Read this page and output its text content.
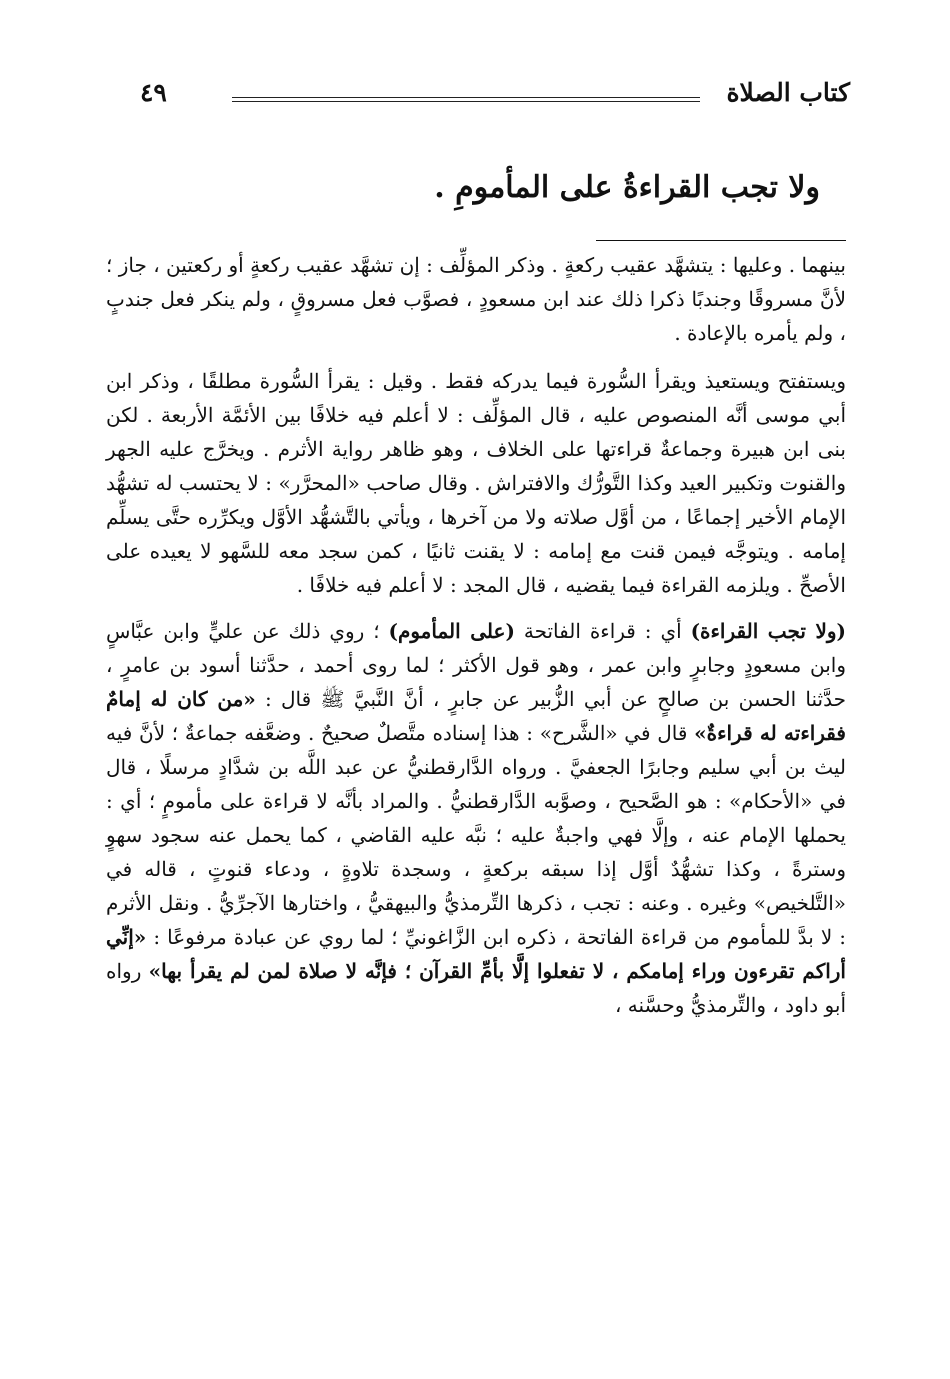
كتاب الصلاة
٤٩
ولا تجب القراءةُ على المأمومِ .

بينهما . وعليها : يتشهَّد عقيب ركعةٍ . وذكر المؤلِّف : إن تشهَّد عقيب ركعةٍ أو ركعتين ، جاز ؛ لأنَّ مسروقًا وجندبًا ذكرا ذلك عند ابن مسعودٍ ، فصوَّب فعل مسروقٍ ، ولم ينكر فعل جندبٍ ، ولم يأمره بالإعادة .

ويستفتح ويستعيذ ويقرأ السُّورة فيما يدركه فقط . وقيل : يقرأ السُّورة مطلقًا ، وذكر ابن أبي موسى أنَّه المنصوص عليه ، قال المؤلِّف : لا أعلم فيه خلافًا بين الأئمَّة الأربعة . لكن بنى ابن هبيرة وجماعةٌ قراءتها على الخلاف ، وهو ظاهر رواية الأثرم . ويخرَّج عليه الجهر والقنوت وتكبير العيد وكذا التَّورُّك والافتراش . وقال صاحب «المحرَّر» : لا يحتسب له تشهُّد الإمام الأخير إجماعًا ، من أوَّل صلاته ولا من آخرها ، ويأتي بالتَّشهُّد الأوَّل ويكرِّره حتَّى يسلِّم إمامه . ويتوجَّه فيمن قنت مع إمامه : لا يقنت ثانيًا ، كمن سجد معه للسَّهو لا يعيده على الأصحِّ . ويلزمه القراءة فيما يقضيه ، قال المجد : لا أعلم فيه خلافًا .

(ولا تجب القراءة) أي : قراءة الفاتحة (على المأموم) ؛ روي ذلك عن عليٍّ وابن عبَّاسٍ وابن مسعودٍ وجابرٍ وابن عمر ، وهو قول الأكثر ؛ لما روى أحمد ، حدَّثنا أسود بن عامرٍ ، حدَّثنا الحسن بن صالحٍ عن أبي الزُّبير عن جابرٍ ، أنَّ النَّبيَّ ﷺ قال : «من كان له إمامٌ فقراءته له قراءةٌ» قال في «الشَّرح» : هذا إسناده متَّصلٌ صحيحٌ . وضعَّفه جماعةٌ ؛ لأنَّ فيه ليث بن أبي سليم وجابرًا الجعفيَّ . ورواه الدَّارقطنيُّ عن عبد اللَّه بن شدَّادٍ مرسلًا ، قال في «الأحكام» : هو الصَّحيح ، وصوَّبه الدَّارقطنيُّ . والمراد بأنَّه لا قراءة على مأمومٍ ؛ أي : يحملها الإمام عنه ، وإلَّا فهي واجبةٌ عليه ؛ نبَّه عليه القاضي ، كما يحمل عنه سجود سهوٍ وسترةً ، وكذا تشهُّدٌ أوَّل إذا سبقه بركعةٍ ، وسجدة تلاوةٍ ، ودعاء قنوتٍ ، قاله في «التَّلخيص» وغيره . وعنه : تجب ، ذكرها التِّرمذيُّ والبيهقيُّ ، واختارها الآجرِّيُّ . ونقل الأثرم : لا بدَّ للمأموم من قراءة الفاتحة ، ذكره ابن الزَّاغونيِّ ؛ لما روي عن عبادة مرفوعًا : «إنِّي أراكم تقرءون وراء إمامكم ، لا تفعلوا إلَّا بأمِّ القرآن ؛ فإنَّه لا صلاة لمن لم يقرأ بها» رواه أبو داود ، والتِّرمذيُّ وحسَّنه ،
